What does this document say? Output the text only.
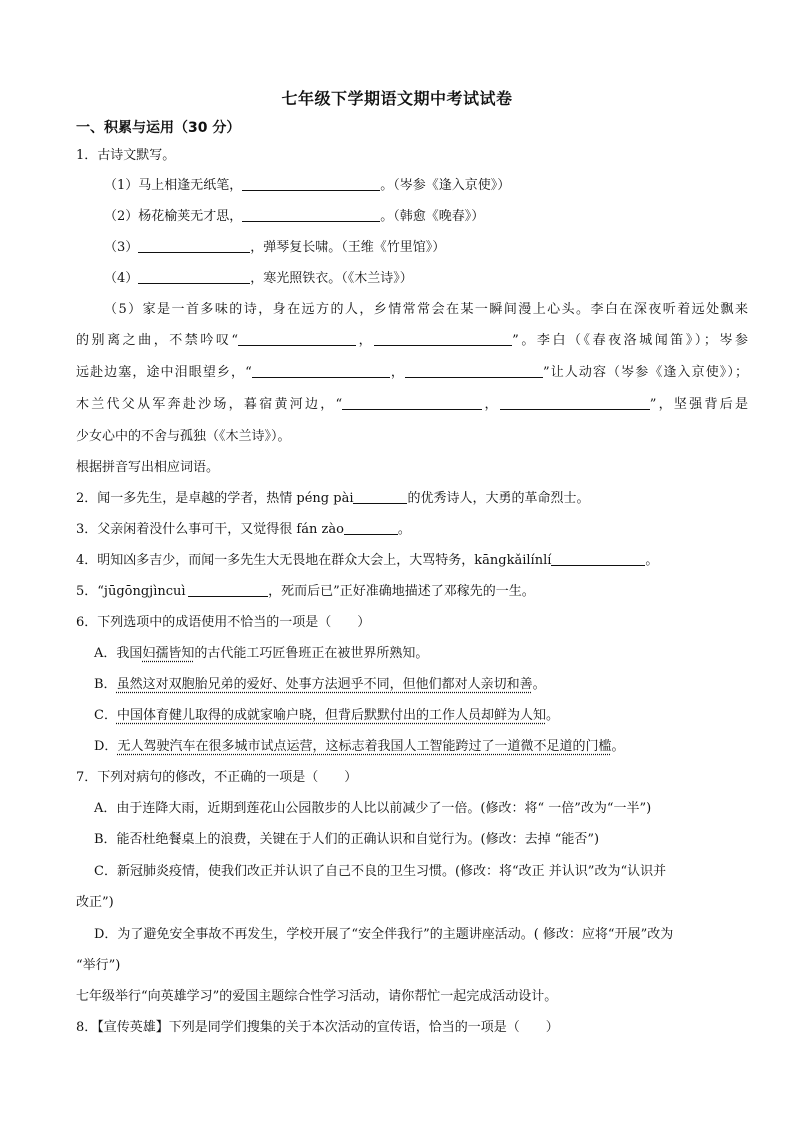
七年级下学期语文期中考试试卷
一、积累与运用（30 分）
1．古诗文默写。
（1）马上相逢无纸笔，	。（岑参《逢入京使》）
（2）杨花榆荚无才思，	。（韩愈《晚春》）
（3）	，弹琴复长啸。（王维《竹里馆》）
（4）	，寒光照铁衣。（《木兰诗》）
（5）家是一首多味的诗，身在远方的人，乡情常常会在某一瞬间漫上心头。李白在深夜听着远处飘来
的别离之曲，不禁吟叹“	，	”。李白（《春夜洛城闻笛》）；岑参
远赴边塞，途中泪眼望乡，“	，	”让人动容（岑参《逢入京使》）；
木兰代父从军奔赴沙场，暮宿黄河边，“	，	”，坚强背后是
少女心中的不舍与孤独（《木兰诗》）。
根据拼音写出相应词语。
2．闻一多先生，是卓越的学者，热情 péng pài	的优秀诗人，大勇的革命烈士。
3．父亲闲着没什么事可干，又觉得很 fán zào	。
4．明知凶多吉少，而闻一多先生大无畏地在群众大会上，大骂特务，kāngkǎilínlí	。
5．“jūgōngjìncuì 	，死而后已”正好准确地描述了邓稼先的一生。
6．下列选项中的成语使用不恰当的一项是（　　）
A．我国妇孺皆知的古代能工巧匠鲁班正在被世界所熟知。
B．虽然这对双胞胎兄弟的爱好、处事方法迥乎不同，但他们都对人亲切和善。
C．中国体育健儿取得的成就家喻户晓，但背后默默付出的工作人员却鲜为人知。
D．无人驾驶汽车在很多城市试点运营，这标志着我国人工智能跨过了一道微不足道的门槛。
7．下列对病句的修改，不正确的一项是（　　）
A．由于连降大雨，近期到莲花山公园散步的人比以前减少了一倍。(修改：将“ 一倍”改为“一半”)
B．能否杜绝餐桌上的浪费，关键在于人们的正确认识和自觉行为。(修改：去掉 “能否”)
C．新冠肺炎疫情，使我们改正并认识了自己不良的卫生习惯。(修改：将“改正 并认识”改为“认识并
改正”)
D．为了避免安全事故不再发生，学校开展了“安全伴我行”的主题讲座活动。( 修改：应将“开展”改为
“举行”)
七年级举行“向英雄学习”的爱国主题综合性学习活动，请你帮忙一起完成活动设计。
8．【宣传英雄】下列是同学们搜集的关于本次活动的宣传语，恰当的一项是（　　）
